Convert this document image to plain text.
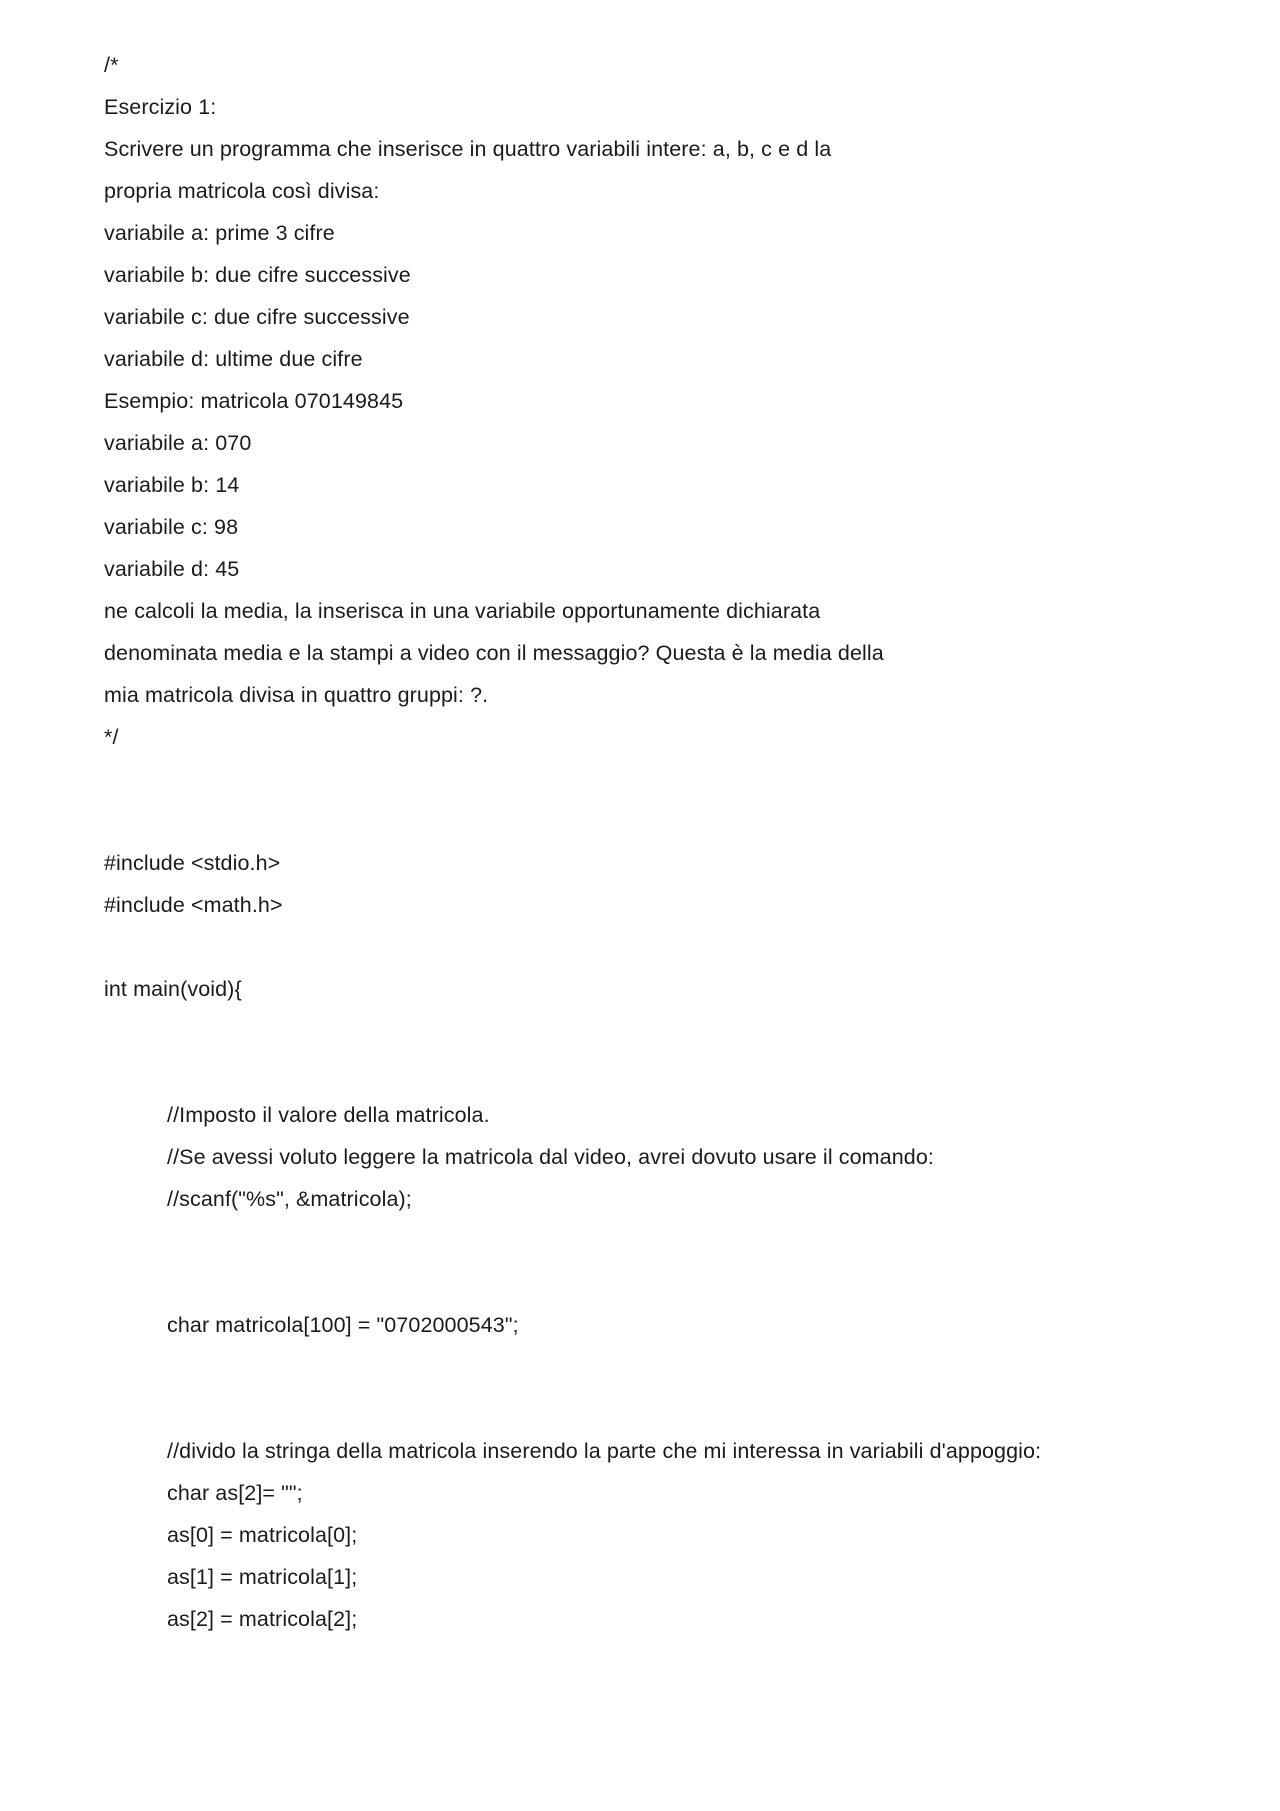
/*
Esercizio 1:
Scrivere un programma che inserisce in quattro variabili intere: a, b, c e d la
propria matricola così divisa:
variabile a: prime 3 cifre
variabile b: due cifre successive
variabile c: due cifre successive
variabile d: ultime due cifre
Esempio: matricola 070149845
variabile a: 070
variabile b: 14
variabile c: 98
variabile d: 45
ne calcoli la media, la inserisca in una variabile opportunamente dichiarata
denominata media e la stampi a video con il messaggio? Questa è la media della
mia matricola divisa in quattro gruppi: ?.
*/
#include <stdio.h>
#include <math.h>
int main(void){
//Imposto il valore della matricola.
//Se avessi voluto leggere la matricola dal video, avrei dovuto usare il comando:
//scanf("%s", &matricola);
char matricola[100] = "0702000543";
//divido la stringa della matricola inserendo la parte che mi interessa in variabili d'appoggio:
char as[2]= "";
as[0] = matricola[0];
as[1] = matricola[1];
as[2] = matricola[2];
